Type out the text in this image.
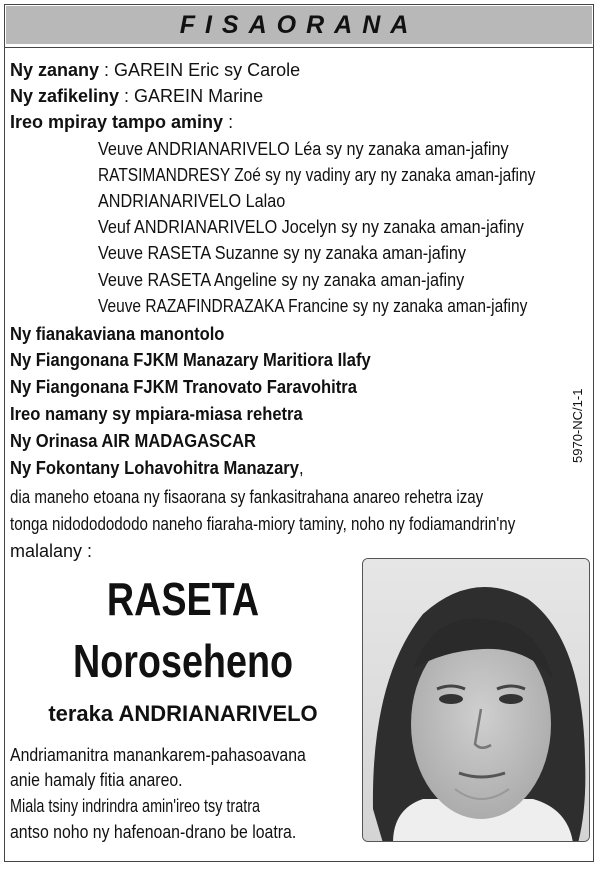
FISAORANA
Ny zanany : GAREIN Eric sy Carole
Ny zafikeliny : GAREIN Marine
Ireo mpiray tampo aminy :
Veuve ANDRIANARIVELO Léa sy ny zanaka aman-jafiny
RATSIMANDRESY Zoé sy ny vadiny ary ny zanaka aman-jafiny
ANDRIANARIVELO Lalao
Veuf ANDRIANARIVELO Jocelyn sy ny zanaka aman-jafiny
Veuve RASETA Suzanne sy ny zanaka aman-jafiny
Veuve RASETA Angeline sy ny zanaka aman-jafiny
Veuve RAZAFINDRAZAKA Francine sy ny zanaka aman-jafiny
Ny fianakaviana manontolo
Ny Fiangonana FJKM Manazary Maritiora Ilafy
Ny Fiangonana FJKM Tranovato Faravohitra
Ireo namany sy mpiara-miasa rehetra
Ny Orinasa AIR MADAGASCAR
Ny Fokontany Lohavohitra Manazary,
dia maneho etoana ny fisaorana sy fankasitrahana anareo rehetra izay
tonga nidododododo naneho fiaraha-miory taminy, noho ny fodiamandrin'ny
malalany :
5970-NC/1-1
RASETA
Noroseheno
teraka ANDRIANARIVELO
Andriamanitra manankarem-pahasoavana
anie hamaly fitia anareo.
Miala tsiny indrindra amin'ireo tsy tratra
antso noho ny hafenoan-drano be loatra.
